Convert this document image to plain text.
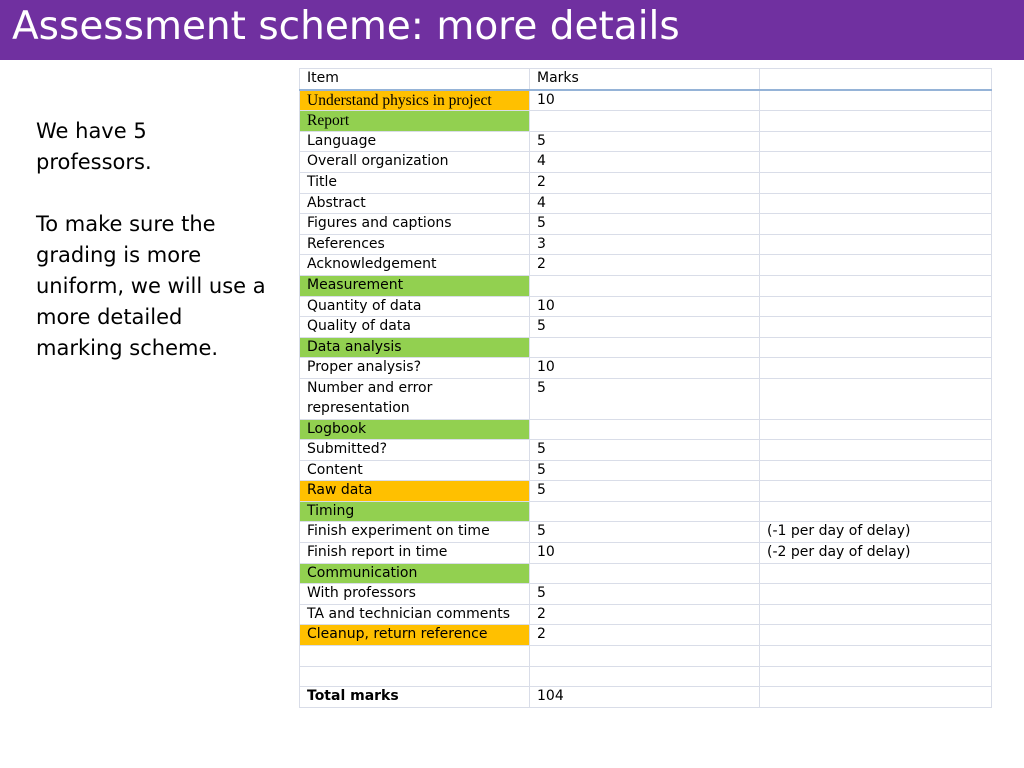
Assessment scheme: more details

We have 5 professors.

To make sure the grading is more uniform, we will use a more detailed marking scheme.

Item	Marks	
Understand physics in project	10	
Report		
Language	5	
Overall organization	4	
Title	2	
Abstract	4	
Figures and captions	5	
References	3	
Acknowledgement	2	
Measurement		
Quantity of data	10	
Quality of data	5	
Data analysis		
Proper analysis?	10	
Number and error representation	5	
Logbook		
Submitted?	5	
Content	5	
Raw data	5	
Timing		
Finish experiment on time	5	(-1 per day of delay)
Finish report in time	10	(-2 per day of delay)
Communication		
With professors	5	
TA and technician comments	2	
Cleanup, return reference	2	

Total marks	104	
